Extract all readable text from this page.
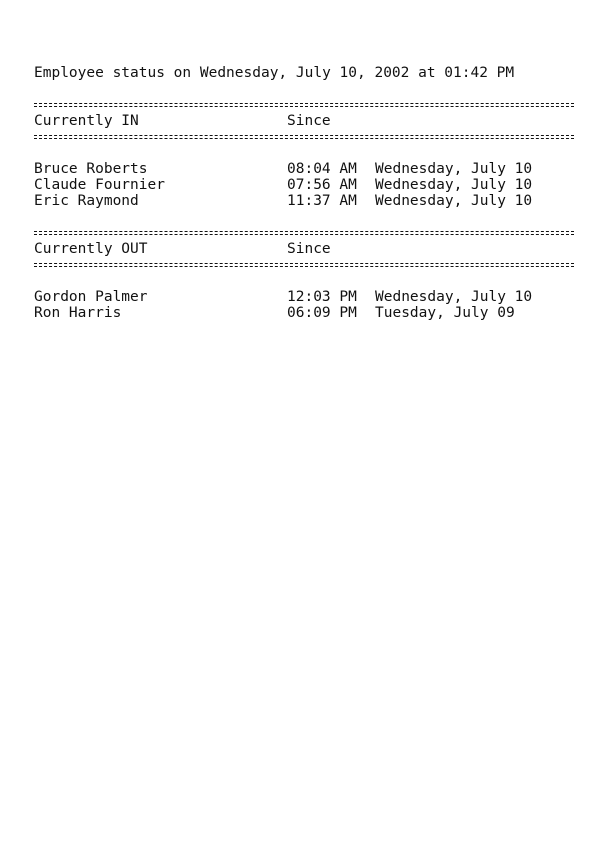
Employee status on Wednesday, July 10, 2002 at 01:42 PM
Currently IN	Since
Bruce Roberts	08:04 AM	Wednesday, July 10
Claude Fournier	07:56 AM	Wednesday, July 10
Eric Raymond	11:37 AM	Wednesday, July 10
Currently OUT	Since
Gordon Palmer	12:03 PM	Wednesday, July 10
Ron Harris	06:09 PM	Tuesday, July 09
